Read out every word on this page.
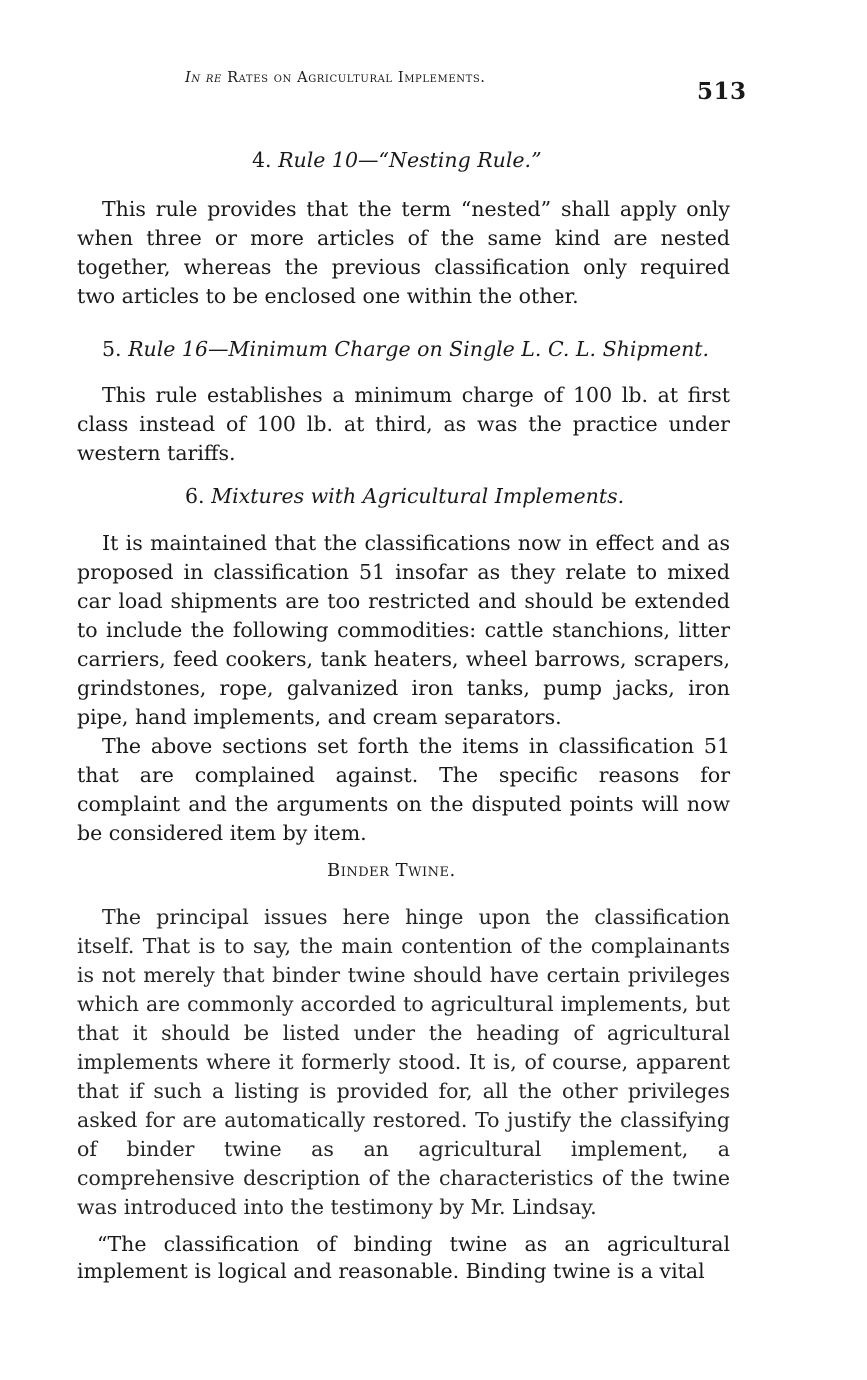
In re Rates on Agricultural Implements.	513
4. Rule 10—“Nesting Rule.”

This rule provides that the term “nested” shall apply only when three or more articles of the same kind are nested together, whereas the previous classification only required two articles to be enclosed one within the other.

5. Rule 16—Minimum Charge on Single L. C. L. Shipment.

This rule establishes a minimum charge of 100 lb. at first class instead of 100 lb. at third, as was the practice under western tariffs.

6. Mixtures with Agricultural Implements.

It is maintained that the classifications now in effect and as proposed in classification 51 insofar as they relate to mixed car load shipments are too restricted and should be extended to include the following commodities: cattle stanchions, litter carriers, feed cookers, tank heaters, wheel barrows, scrapers, grindstones, rope, galvanized iron tanks, pump jacks, iron pipe, hand implements, and cream separators.

The above sections set forth the items in classification 51 that are complained against. The specific reasons for complaint and the arguments on the disputed points will now be considered item by item.

Binder Twine.

The principal issues here hinge upon the classification itself. That is to say, the main contention of the complainants is not merely that binder twine should have certain privileges which are commonly accorded to agricultural implements, but that it should be listed under the heading of agricultural implements where it formerly stood. It is, of course, apparent that if such a listing is provided for, all the other privileges asked for are automatically restored. To justify the classifying of binder twine as an agricultural implement, a comprehensive description of the characteristics of the twine was introduced into the testimony by Mr. Lindsay.

“The classification of binding twine as an agricultural implement is logical and reasonable. Binding twine is a vital
